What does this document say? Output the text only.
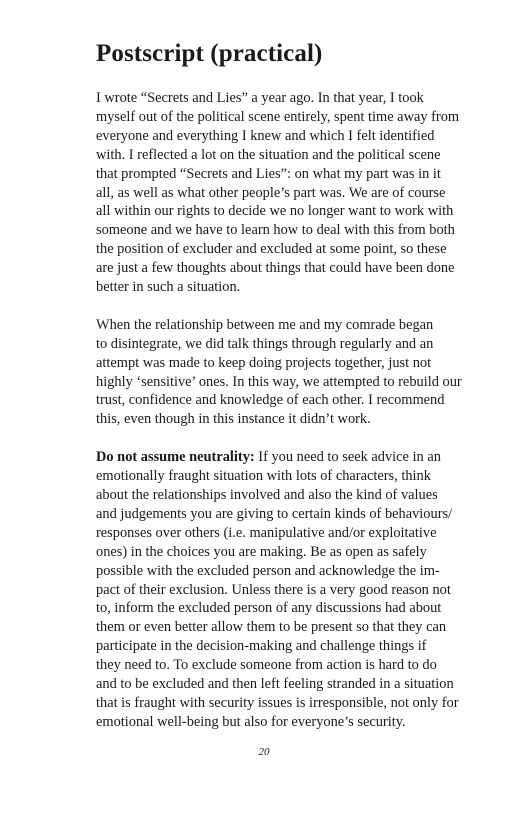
Postscript (practical)

I wrote “Secrets and Lies” a year ago. In that year, I took
myself out of the political scene entirely, spent time away from
everyone and everything I knew and which I felt identified
with. I reflected a lot on the situation and the political scene
that prompted “Secrets and Lies”: on what my part was in it
all, as well as what other people’s part was. We are of course
all within our rights to decide we no longer want to work with
someone and we have to learn how to deal with this from both
the position of excluder and excluded at some point, so these
are just a few thoughts about things that could have been done
better in such a situation.

When the relationship between me and my comrade began
to disintegrate, we did talk things through regularly and an
attempt was made to keep doing projects together, just not
highly ‘sensitive’ ones. In this way, we attempted to rebuild our
trust, confidence and knowledge of each other. I recommend
this, even though in this instance it didn’t work.

Do not assume neutrality: If you need to seek advice in an
emotionally fraught situation with lots of characters, think
about the relationships involved and also the kind of values
and judgements you are giving to certain kinds of behaviours/
responses over others (i.e. manipulative and/or exploitative
ones) in the choices you are making. Be as open as safely
possible with the excluded person and acknowledge the im-
pact of their exclusion. Unless there is a very good reason not
to, inform the excluded person of any discussions had about
them or even better allow them to be present so that they can
participate in the decision-making and challenge things if
they need to. To exclude someone from action is hard to do
and to be excluded and then left feeling stranded in a situation
that is fraught with security issues is irresponsible, not only for
emotional well-being but also for everyone’s security.

20
